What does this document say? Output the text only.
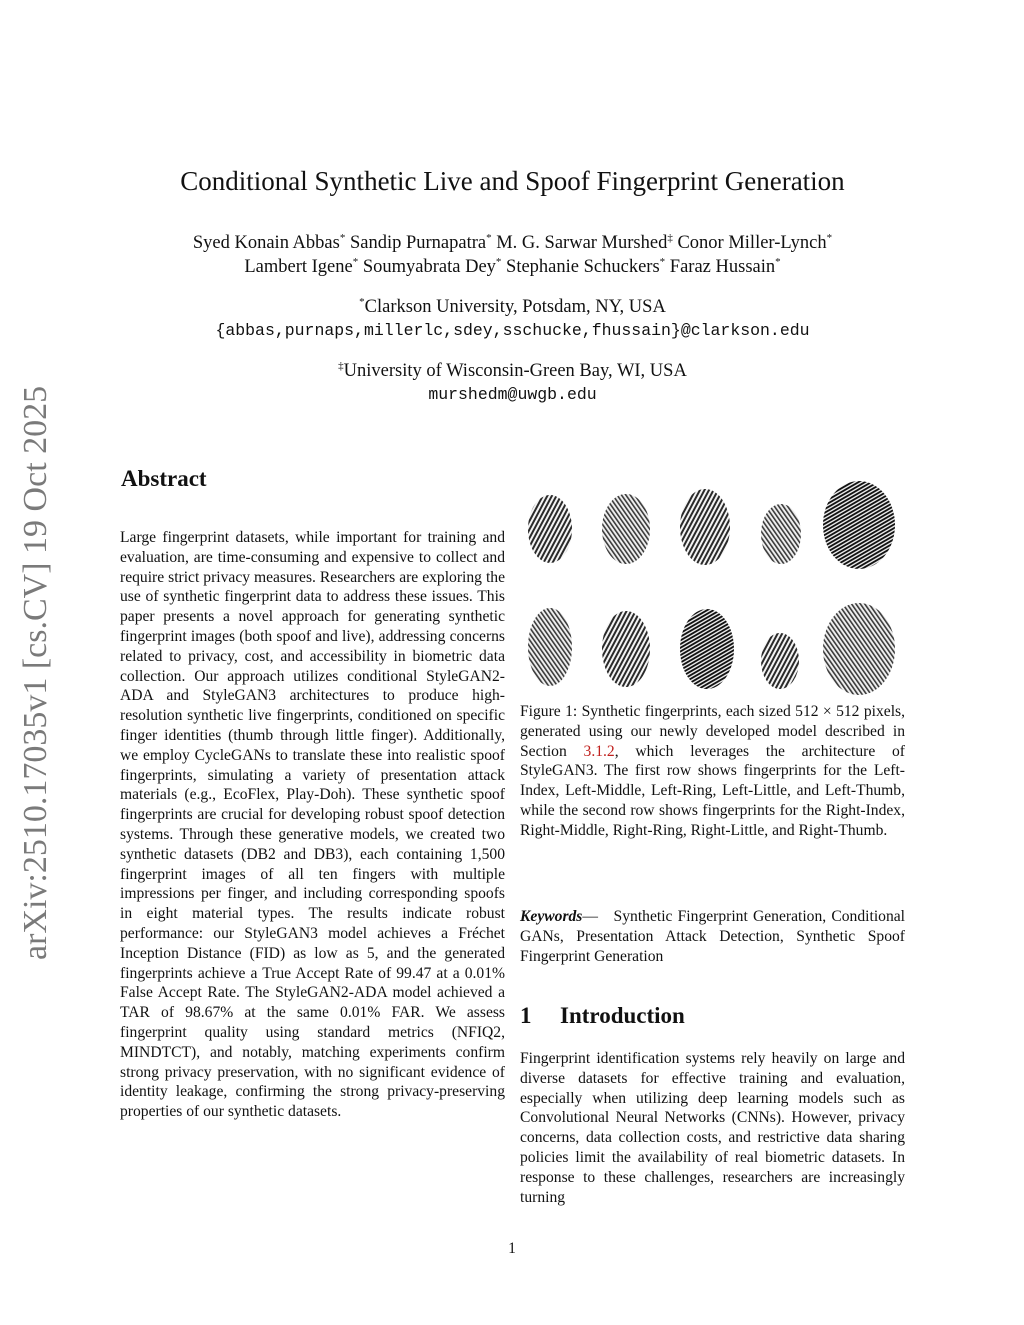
arXiv:2510.17035v1 [cs.CV] 19 Oct 2025
Conditional Synthetic Live and Spoof Fingerprint Generation
Syed Konain Abbas* Sandip Purnapatra* M. G. Sarwar Murshed‡ Conor Miller-Lynch*
Lambert Igene* Soumyabrata Dey* Stephanie Schuckers* Faraz Hussain*
*Clarkson University, Potsdam, NY, USA
{abbas,purnaps,millerlc,sdey,sschucke,fhussain}@clarkson.edu
‡University of Wisconsin-Green Bay, WI, USA
murshedm@uwgb.edu
Abstract
Large fingerprint datasets, while important for training and evaluation, are time-consuming and expensive to collect and require strict privacy measures. Researchers are exploring the use of synthetic fingerprint data to address these issues. This paper presents a novel approach for generating synthetic fingerprint images (both spoof and live), addressing concerns related to privacy, cost, and accessibility in biometric data collection. Our approach utilizes conditional StyleGAN2-ADA and StyleGAN3 architectures to produce high-resolution synthetic live fingerprints, conditioned on specific finger identities (thumb through little finger). Additionally, we employ CycleGANs to translate these into realistic spoof fingerprints, simulating a variety of presentation attack materials (e.g., EcoFlex, Play-Doh). These synthetic spoof fingerprints are crucial for developing robust spoof detection systems. Through these generative models, we created two synthetic datasets (DB2 and DB3), each containing 1,500 fingerprint images of all ten fingers with multiple impressions per finger, and including corresponding spoofs in eight material types. The results indicate robust performance: our StyleGAN3 model achieves a Fréchet Inception Distance (FID) as low as 5, and the generated fingerprints achieve a True Accept Rate of 99.47 at a 0.01% False Accept Rate. The StyleGAN2-ADA model achieved a TAR of 98.67% at the same 0.01% FAR. We assess fingerprint quality using standard metrics (NFIQ2, MINDTCT), and notably, matching experiments confirm strong privacy preservation, with no significant evidence of identity leakage, confirming the strong privacy-preserving properties of our synthetic datasets.
Figure 1: Synthetic fingerprints, each sized 512 × 512 pixels, generated using our newly developed model described in Section 3.1.2, which leverages the architecture of StyleGAN3. The first row shows fingerprints for the Left-Index, Left-Middle, Left-Ring, Left-Little, and Left-Thumb, while the second row shows fingerprints for the Right-Index, Right-Middle, Right-Ring, Right-Little, and Right-Thumb.
Keywords— Synthetic Fingerprint Generation, Conditional GANs, Presentation Attack Detection, Synthetic Spoof Fingerprint Generation
1 Introduction
Fingerprint identification systems rely heavily on large and diverse datasets for effective training and evaluation, especially when utilizing deep learning models such as Convolutional Neural Networks (CNNs). However, privacy concerns, data collection costs, and restrictive data sharing policies limit the availability of real biometric datasets. In response to these challenges, researchers are increasingly turning
1
